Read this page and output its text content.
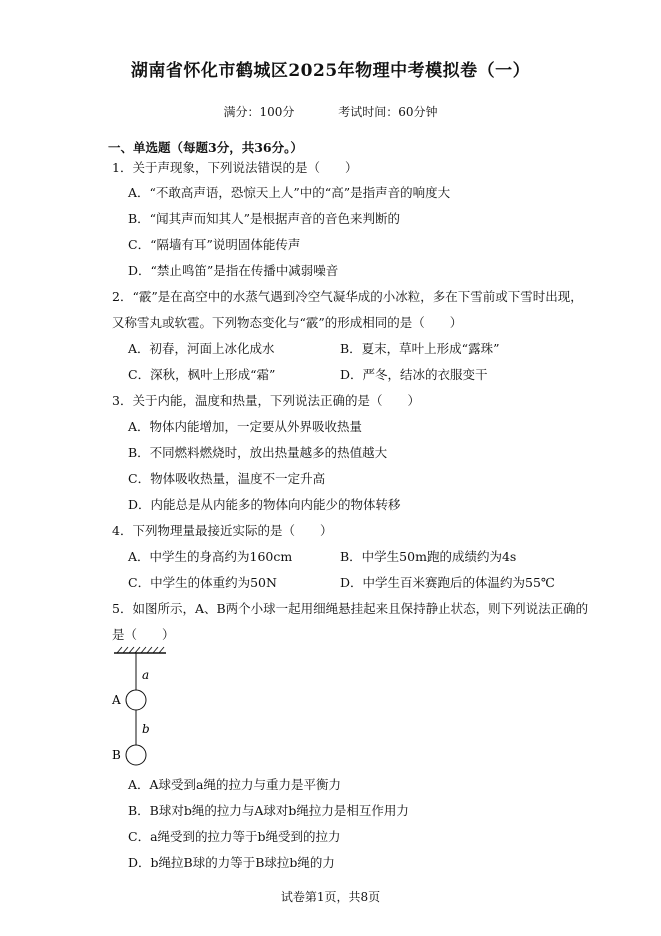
湖南省怀化市鹤城区2025年物理中考模拟卷（一）
满分：100分	考试时间：60分钟
一、单选题（每题3分，共36分。）
1．关于声现象，下列说法错误的是（　　）
A．“不敢高声语，恐惊天上人”中的“高”是指声音的响度大
B．“闻其声而知其人”是根据声音的音色来判断的
C．“隔墙有耳”说明固体能传声
D．“禁止鸣笛”是指在传播中减弱噪音
2．“霰”是在高空中的水蒸气遇到冷空气凝华成的小冰粒，多在下雪前或下雪时出现，
又称雪丸或软雹。下列物态变化与“霰”的形成相同的是（　　）
A．初春，河面上冰化成水	B．夏末，草叶上形成“露珠”
C．深秋，枫叶上形成“霜”	D．严冬，结冰的衣服变干
3．关于内能，温度和热量，下列说法正确的是（　　）
A．物体内能增加，一定要从外界吸收热量
B．不同燃料燃烧时，放出热量越多的热值越大
C．物体吸收热量，温度不一定升高
D．内能总是从内能多的物体向内能少的物体转移
4．下列物理量最接近实际的是（　　）
A．中学生的身高约为160cm	B．中学生50m跑的成绩约为4s
C．中学生的体重约为50N	D．中学生百米赛跑后的体温约为55℃
5．如图所示，A、B两个小球一起用细绳悬挂起来且保持静止状态，则下列说法正确的
是（　　）
a
b
A
B
A．A球受到a绳的拉力与重力是平衡力
B．B球对b绳的拉力与A球对b绳拉力是相互作用力
C．a绳受到的拉力等于b绳受到的拉力
D．b绳拉B球的力等于B球拉b绳的力
试卷第1页，共8页
